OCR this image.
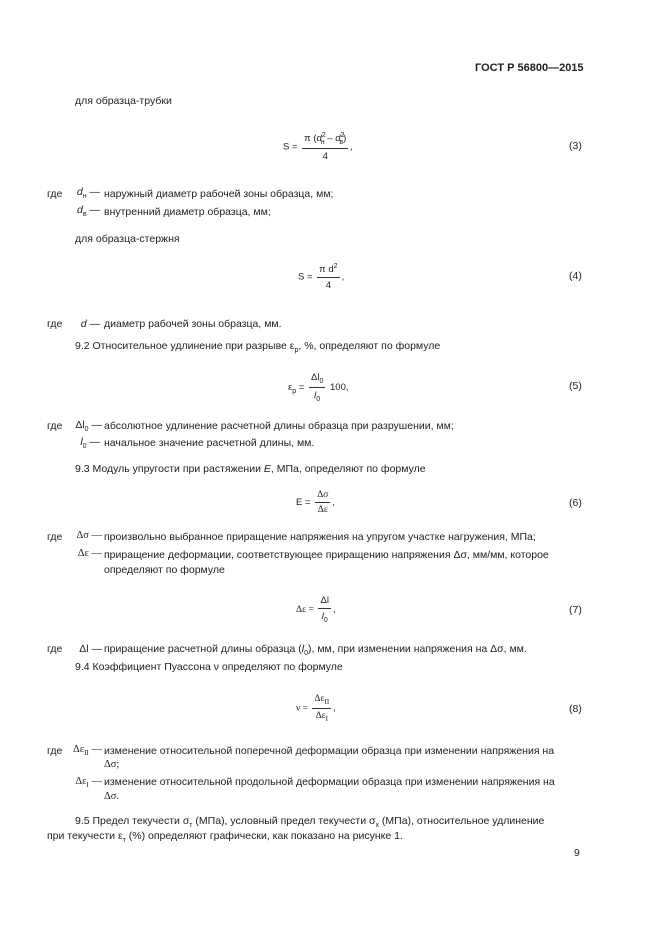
ГОСТ Р 56800—2015
для образца-трубки
$S = \frac{\pi (d^2_н - d^2_в)}{4}$ ,	(3)
где	$d_н$ — наружный диаметр рабочей зоны образца, мм;
$d_в$ — внутренний диаметр образца, мм;
для образца-стержня
$S = \frac{\pi d^2}{4}$ ,	(4)
где	d — диаметр рабочей зоны образца, мм.
9.2 Относительное удлинение при разрыве $\varepsilon_р$, %, определяют по формуле
$\varepsilon_р = \frac{\Delta l_0}{l_0} 100$,	(5)
где	$\Delta l_0$ — абсолютное удлинение расчетной длины образца при разрушении, мм;
$l_0$ — начальное значение расчетной длины, мм.
9.3 Модуль упругости при растяжении E, МПа, определяют по формуле
$E = \frac{\Delta\sigma}{\Delta\varepsilon}$ ,	(6)
где	Δσ — произвольно выбранное приращение напряжения на упругом участке нагружения, МПа;
Δε — приращение деформации, соответствующее приращению напряжения Δσ, мм/мм, которое
определяют по формуле
$\Delta\varepsilon = \frac{\Delta l}{l_0}$ ,	(7)
где	Δl — приращение расчетной длины образца $(l_0)$, мм, при изменении напряжения на Δσ, мм.
9.4 Коэффициент Пуассона ν определяют по формуле
$\nu = \frac{\Delta\varepsilon_{II}}{\Delta\varepsilon_I}$ ,	(8)
где	$\Delta\varepsilon_{II}$ — изменение относительной поперечной деформации образца при изменении напряжения на
Δσ;
$\Delta\varepsilon_I$ — изменение относительной продольной деформации образца при изменении напряжения на
Δσ.
9.5 Предел текучести $\sigma_т$ (МПа), условный предел текучести $\sigma_х$ (МПа), относительное удлинение
при текучести $\varepsilon_т$ (%) определяют графически, как показано на рисунке 1.
9
